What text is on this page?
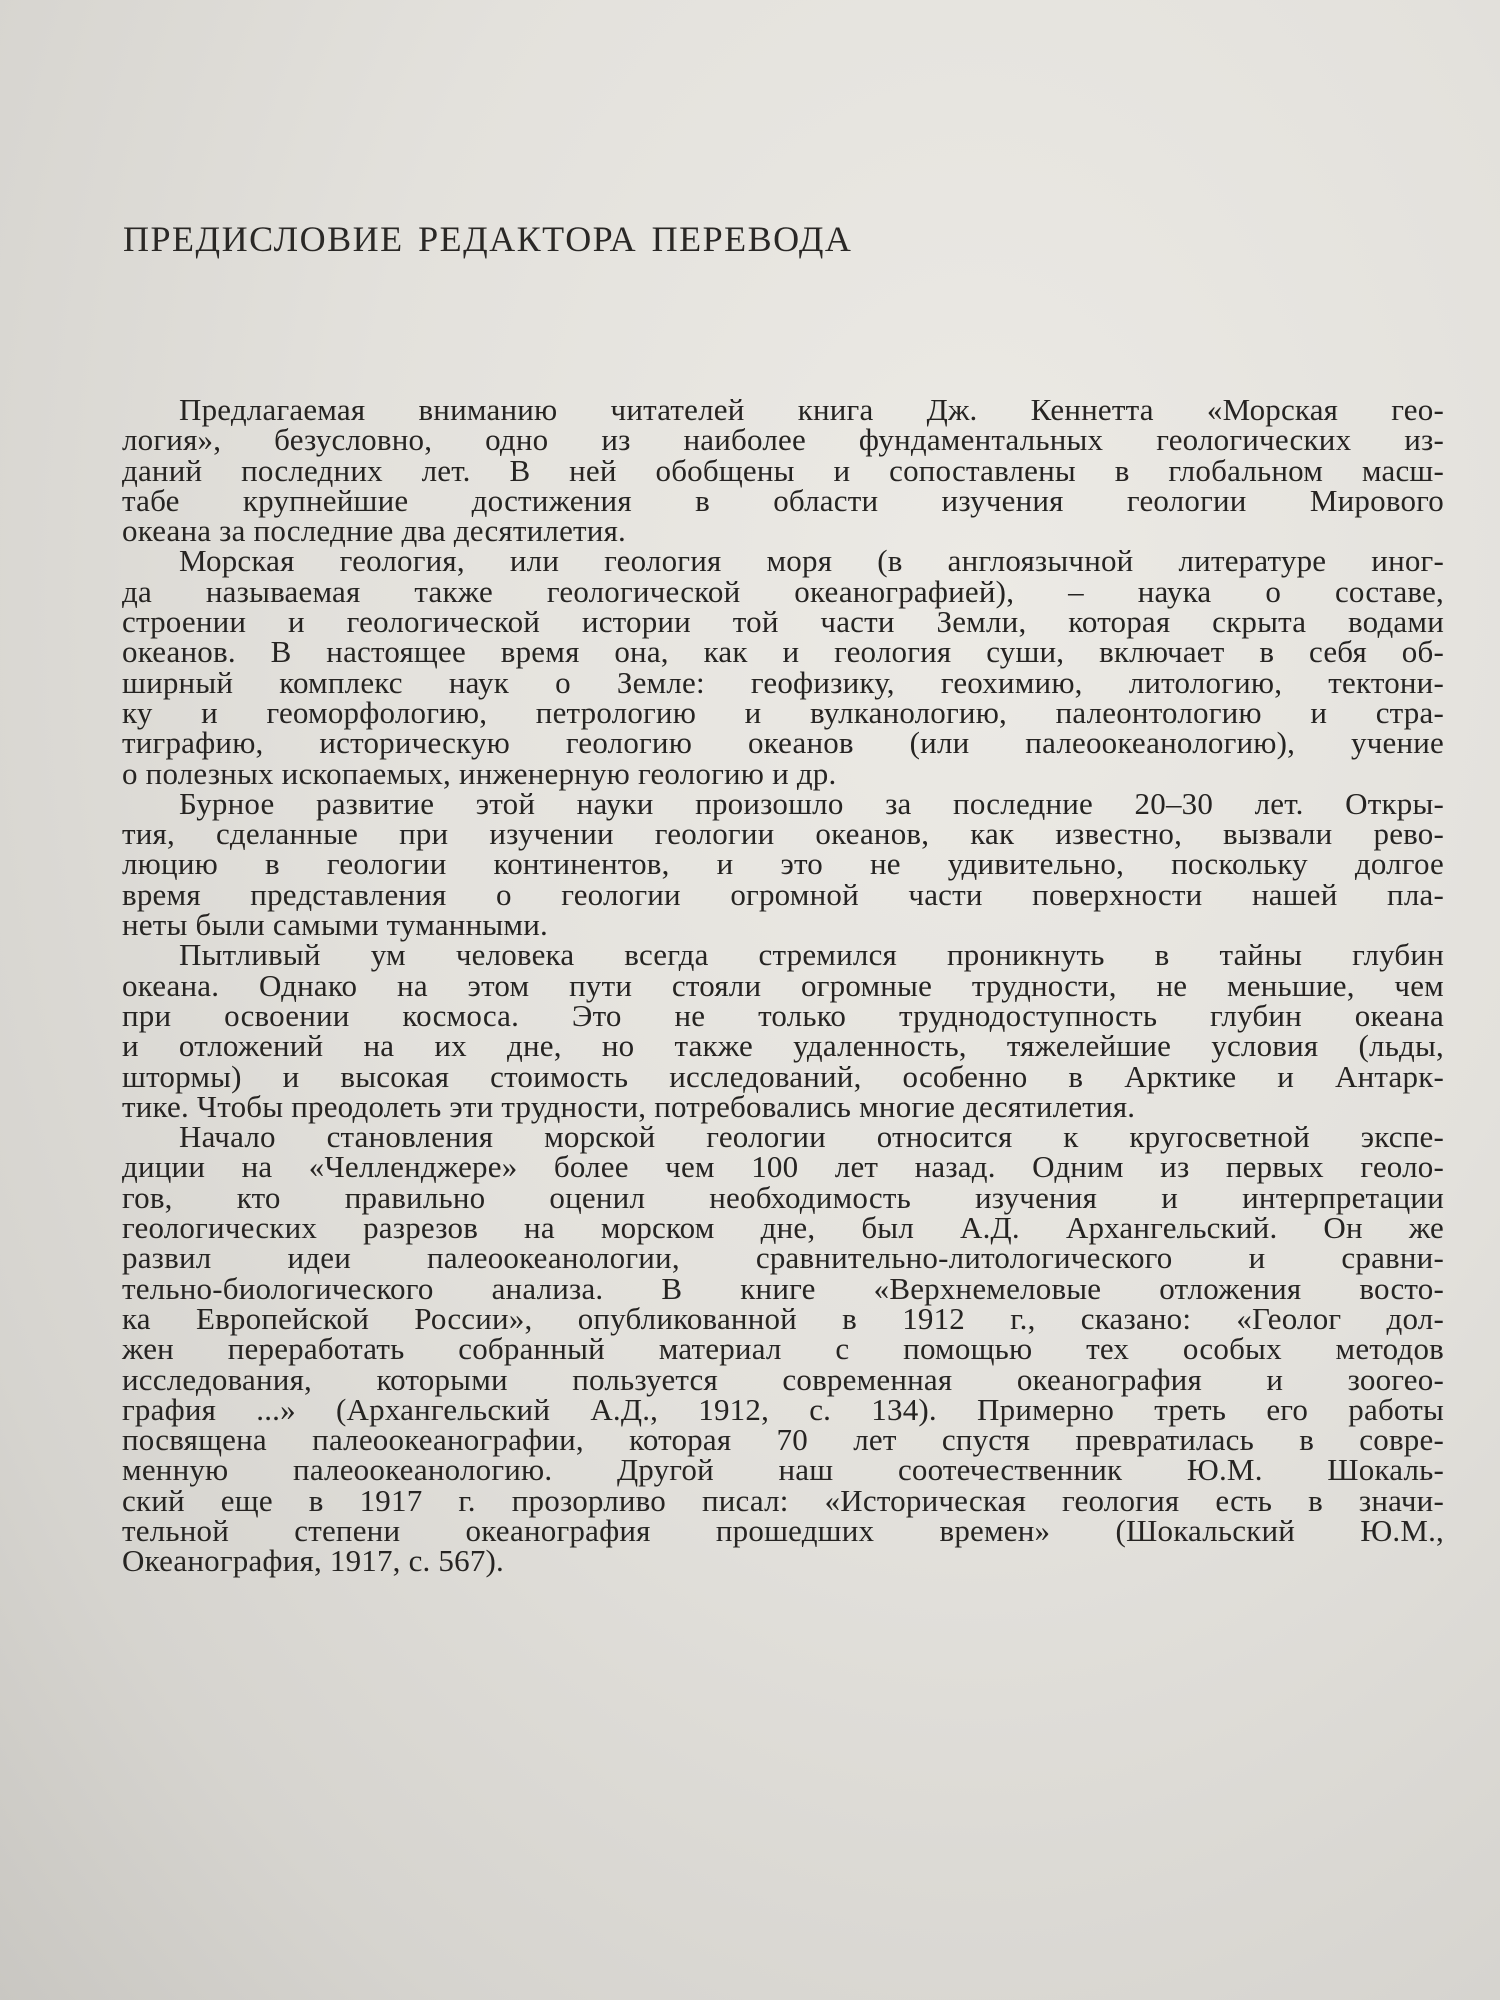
ПРЕДИСЛОВИЕ РЕДАКТОРА ПЕРЕВОДА
Предлагаемая вниманию читателей книга Дж. Кеннетта «Морская гео-
логия», безусловно, одно из наиболее фундаментальных геологических из-
даний последних лет. В ней обобщены и сопоставлены в глобальном масш-
табе крупнейшие достижения в области изучения геологии Мирового
океана за последние два десятилетия.
Морская геология, или геология моря (в англоязычной литературе иног-
да называемая также геологической океанографией), – наука о составе,
строении и геологической истории той части Земли, которая скрыта водами
океанов. В настоящее время она, как и геология суши, включает в себя об-
ширный комплекс наук о Земле: геофизику, геохимию, литологию, тектони-
ку и геоморфологию, петрологию и вулканологию, палеонтологию и стра-
тиграфию, историческую геологию океанов (или палеоокеанологию), учение
о полезных ископаемых, инженерную геологию и др.
Бурное развитие этой науки произошло за последние 20–30 лет. Откры-
тия, сделанные при изучении геологии океанов, как известно, вызвали рево-
люцию в геологии континентов, и это не удивительно, поскольку долгое
время представления о геологии огромной части поверхности нашей пла-
неты были самыми туманными.
Пытливый ум человека всегда стремился проникнуть в тайны глубин
океана. Однако на этом пути стояли огромные трудности, не меньшие, чем
при освоении космоса. Это не только труднодоступность глубин океана
и отложений на их дне, но также удаленность, тяжелейшие условия (льды,
штормы) и высокая стоимость исследований, особенно в Арктике и Антарк-
тике. Чтобы преодолеть эти трудности, потребовались многие десятилетия.
Начало становления морской геологии относится к кругосветной экспе-
диции на «Челленджере» более чем 100 лет назад. Одним из первых геоло-
гов, кто правильно оценил необходимость изучения и интерпретации
геологических разрезов на морском дне, был А.Д. Архангельский. Он же
развил идеи палеоокеанологии, сравнительно-литологического и сравни-
тельно-биологического анализа. В книге «Верхнемеловые отложения восто-
ка Европейской России», опубликованной в 1912 г., сказано: «Геолог дол-
жен переработать собранный материал с помощью тех особых методов
исследования, которыми пользуется современная океанография и зоогео-
графия ...» (Архангельский А.Д., 1912, с. 134). Примерно треть его работы
посвящена палеоокеанографии, которая 70 лет спустя превратилась в совре-
менную палеоокеанологию. Другой наш соотечественник Ю.М. Шокаль-
ский еще в 1917 г. прозорливо писал: «Историческая геология есть в значи-
тельной степени океанография прошедших времен» (Шокальский Ю.М.,
Океанография, 1917, с. 567).
